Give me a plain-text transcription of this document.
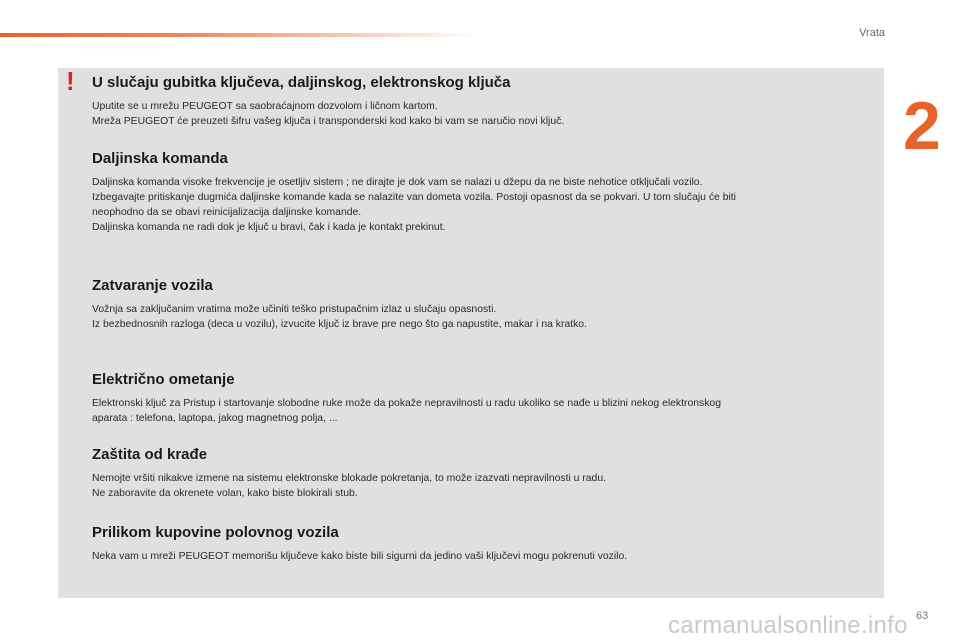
Vrata
2
! U slučaju gubitka ključeva, daljinskog, elektronskog ključa

Uputite se u mrežu PEUGEOT sa saobraćajnom dozvolom i ličnom kartom.

Mreža PEUGEOT će preuzeti šifru vašeg ključa i transponderski kod kako bi vam se naručio novi ključ.

Daljinska komanda

Daljinska komanda visoke frekvencije je osetljiv sistem ; ne dirajte je dok vam se nalazi u džepu da ne biste nehotice otključali vozilo.

Izbegavajte pritiskanje dugmića daljinske komande kada se nalazite van dometa vozila. Postoji opasnost da se pokvari. U tom slučaju će biti

neophodno da se obavi reinicijalizacija daljinske komande.

Daljinska komanda ne radi dok je ključ u bravi, čak i kada je kontakt prekinut.

Zatvaranje vozila

Vožnja sa zaključanim vratima može učiniti teško pristupačnim izlaz u slučaju opasnosti.

Iz bezbednosnih razloga (deca u vozilu), izvucite ključ iz brave pre nego što ga napustite, makar i na kratko.

Električno ometanje

Elektronski ključ za Pristup i startovanje slobodne ruke može da pokaže nepravilnosti u radu ukoliko se nađe u blizini nekog elektronskog

aparata : telefona, laptopa, jakog magnetnog polja, ...

Zaštita od krađe

Nemojte vršiti nikakve izmene na sistemu elektronske blokade pokretanja, to može izazvati nepravilnosti u radu.

Ne zaboravite da okrenete volan, kako biste blokirali stub.

Prilikom kupovine polovnog vozila

Neka vam u mreži PEUGEOT memorišu ključeve kako biste bili sigurni da jedino vaši ključevi mogu pokrenuti vozilo.

carmanualsonline.info 63
